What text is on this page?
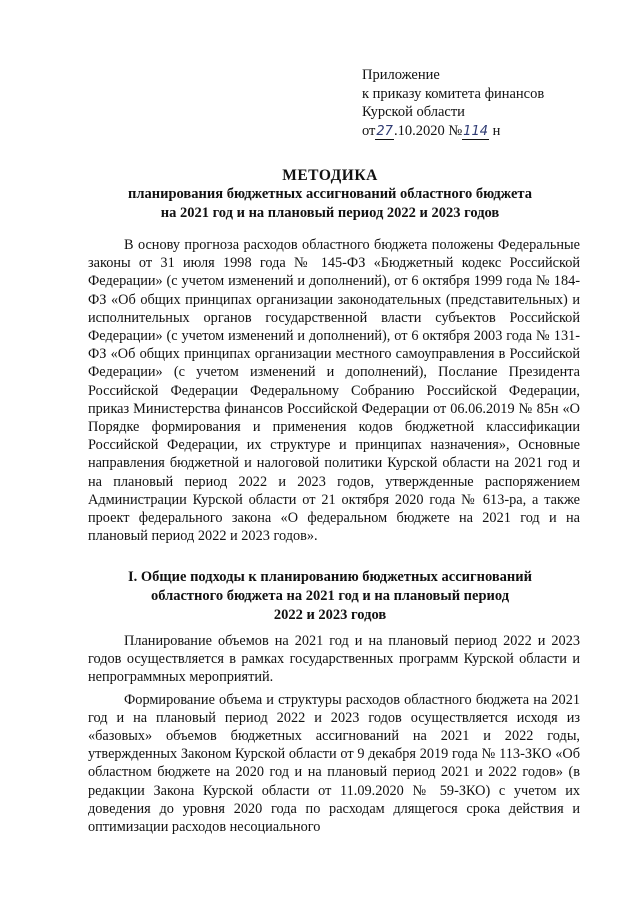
Приложение
к приказу комитета финансов
Курской области
от27.10.2020 №114 н
МЕТОДИКА
планирования бюджетных ассигнований областного бюджета
на 2021 год и на плановый период 2022 и 2023 годов

В основу прогноза расходов областного бюджета положены Федеральные законы от 31 июля 1998 года № 145-ФЗ «Бюджетный кодекс Российской Федерации» (с учетом изменений и дополнений), от 6 октября 1999 года № 184-ФЗ «Об общих принципах организации законодательных (представительных) и исполнительных органов государственной власти субъектов Российской Федерации» (с учетом изменений и дополнений), от 6 октября 2003 года № 131-ФЗ «Об общих принципах организации местного самоуправления в Российской Федерации» (с учетом изменений и дополнений), Послание Президента Российской Федерации Федеральному Собранию Российской Федерации, приказ Министерства финансов Российской Федерации от 06.06.2019 № 85н «О Порядке формирования и применения кодов бюджетной классификации Российской Федерации, их структуре и принципах назначения», Основные направления бюджетной и налоговой политики Курской области на 2021 год и на плановый период 2022 и 2023 годов, утвержденные распоряжением Администрации Курской области от 21 октября 2020 года № 613-ра, а также проект федерального закона «О федеральном бюджете на 2021 год и на плановый период 2022 и 2023 годов».

I. Общие подходы к планированию бюджетных ассигнований
областного бюджета на 2021 год и на плановый период
2022 и 2023 годов

Планирование объемов на 2021 год и на плановый период 2022 и 2023 годов осуществляется в рамках государственных программ Курской области и непрограммных мероприятий.

Формирование объема и структуры расходов областного бюджета на 2021 год и на плановый период 2022 и 2023 годов осуществляется исходя из «базовых» объемов бюджетных ассигнований на 2021 и 2022 годы, утвержденных Законом Курской области от 9 декабря 2019 года № 113-ЗКО «Об областном бюджете на 2020 год и на плановый период 2021 и 2022 годов» (в редакции Закона Курской области от 11.09.2020 № 59-ЗКО) с учетом их доведения до уровня 2020 года по расходам длящегося срока действия и оптимизации расходов несоциального
